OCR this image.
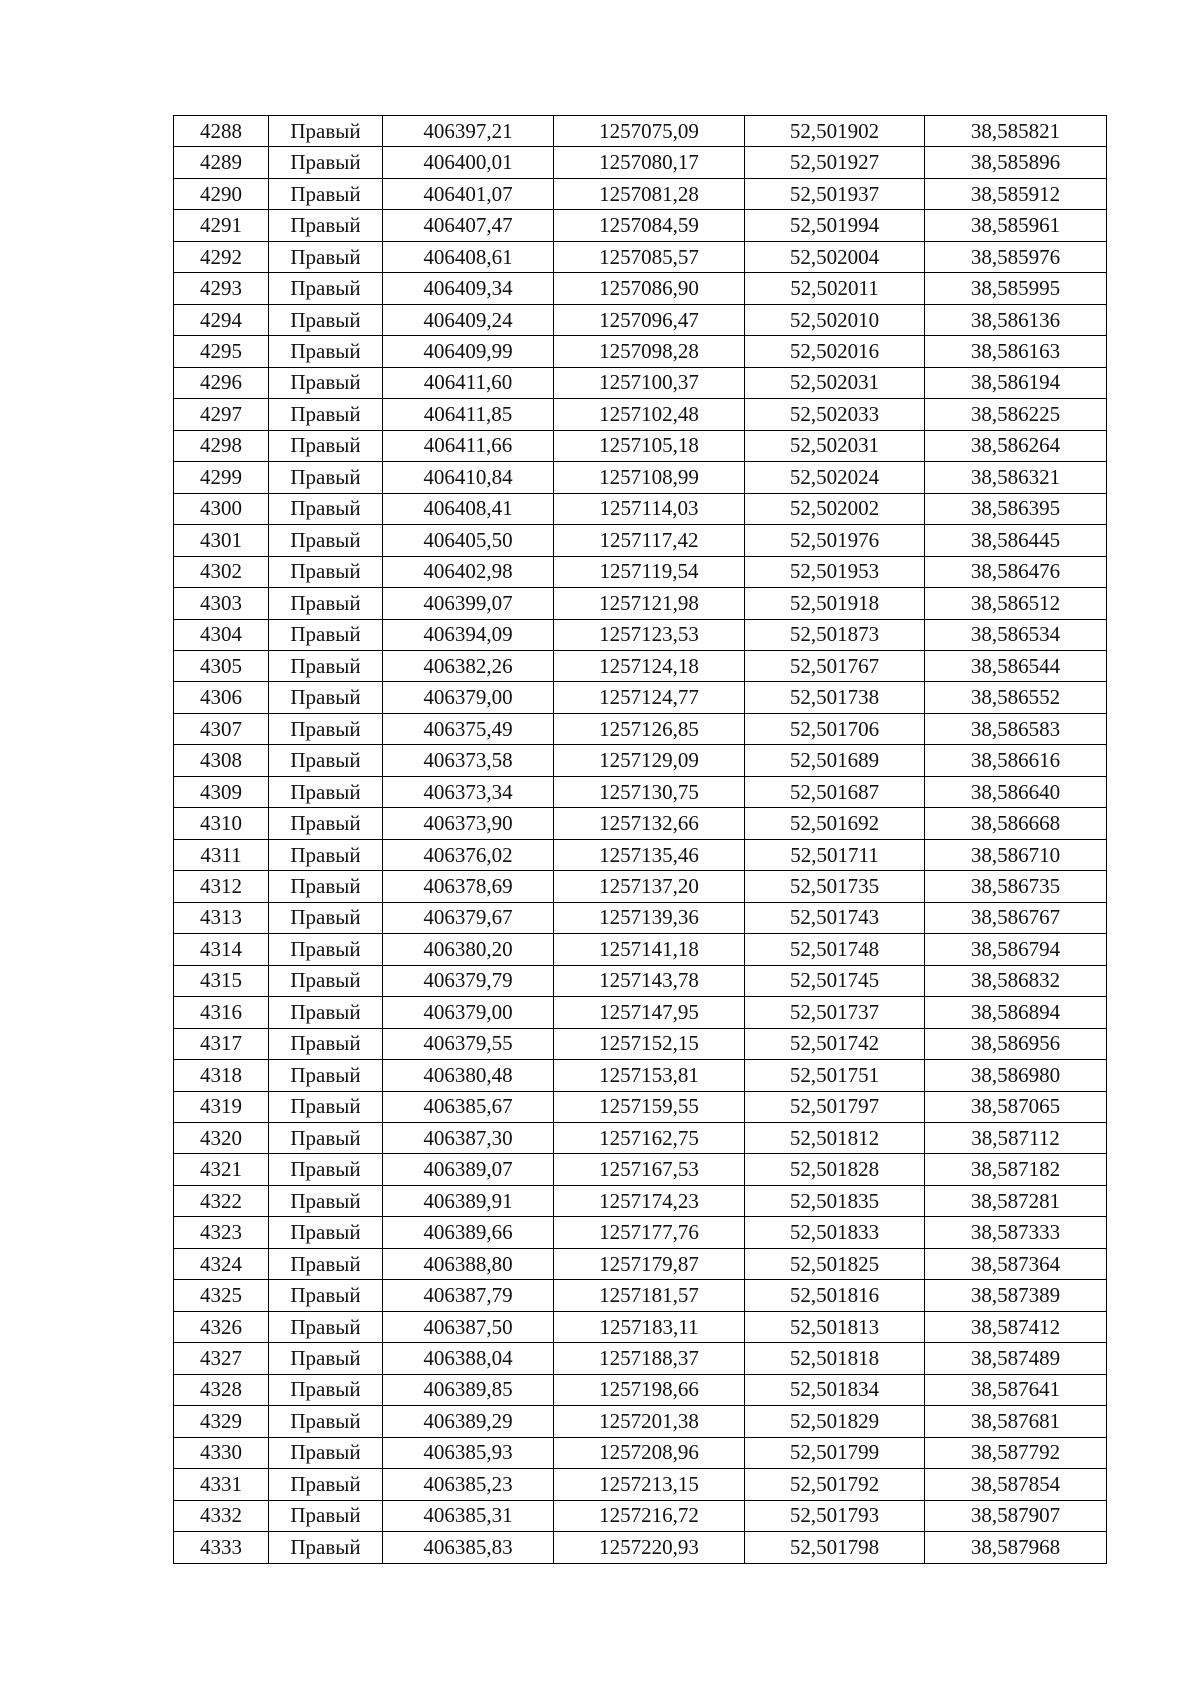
4288	Правый	406397,21	1257075,09	52,501902	38,585821
4289	Правый	406400,01	1257080,17	52,501927	38,585896
4290	Правый	406401,07	1257081,28	52,501937	38,585912
4291	Правый	406407,47	1257084,59	52,501994	38,585961
4292	Правый	406408,61	1257085,57	52,502004	38,585976
4293	Правый	406409,34	1257086,90	52,502011	38,585995
4294	Правый	406409,24	1257096,47	52,502010	38,586136
4295	Правый	406409,99	1257098,28	52,502016	38,586163
4296	Правый	406411,60	1257100,37	52,502031	38,586194
4297	Правый	406411,85	1257102,48	52,502033	38,586225
4298	Правый	406411,66	1257105,18	52,502031	38,586264
4299	Правый	406410,84	1257108,99	52,502024	38,586321
4300	Правый	406408,41	1257114,03	52,502002	38,586395
4301	Правый	406405,50	1257117,42	52,501976	38,586445
4302	Правый	406402,98	1257119,54	52,501953	38,586476
4303	Правый	406399,07	1257121,98	52,501918	38,586512
4304	Правый	406394,09	1257123,53	52,501873	38,586534
4305	Правый	406382,26	1257124,18	52,501767	38,586544
4306	Правый	406379,00	1257124,77	52,501738	38,586552
4307	Правый	406375,49	1257126,85	52,501706	38,586583
4308	Правый	406373,58	1257129,09	52,501689	38,586616
4309	Правый	406373,34	1257130,75	52,501687	38,586640
4310	Правый	406373,90	1257132,66	52,501692	38,586668
4311	Правый	406376,02	1257135,46	52,501711	38,586710
4312	Правый	406378,69	1257137,20	52,501735	38,586735
4313	Правый	406379,67	1257139,36	52,501743	38,586767
4314	Правый	406380,20	1257141,18	52,501748	38,586794
4315	Правый	406379,79	1257143,78	52,501745	38,586832
4316	Правый	406379,00	1257147,95	52,501737	38,586894
4317	Правый	406379,55	1257152,15	52,501742	38,586956
4318	Правый	406380,48	1257153,81	52,501751	38,586980
4319	Правый	406385,67	1257159,55	52,501797	38,587065
4320	Правый	406387,30	1257162,75	52,501812	38,587112
4321	Правый	406389,07	1257167,53	52,501828	38,587182
4322	Правый	406389,91	1257174,23	52,501835	38,587281
4323	Правый	406389,66	1257177,76	52,501833	38,587333
4324	Правый	406388,80	1257179,87	52,501825	38,587364
4325	Правый	406387,79	1257181,57	52,501816	38,587389
4326	Правый	406387,50	1257183,11	52,501813	38,587412
4327	Правый	406388,04	1257188,37	52,501818	38,587489
4328	Правый	406389,85	1257198,66	52,501834	38,587641
4329	Правый	406389,29	1257201,38	52,501829	38,587681
4330	Правый	406385,93	1257208,96	52,501799	38,587792
4331	Правый	406385,23	1257213,15	52,501792	38,587854
4332	Правый	406385,31	1257216,72	52,501793	38,587907
4333	Правый	406385,83	1257220,93	52,501798	38,587968
